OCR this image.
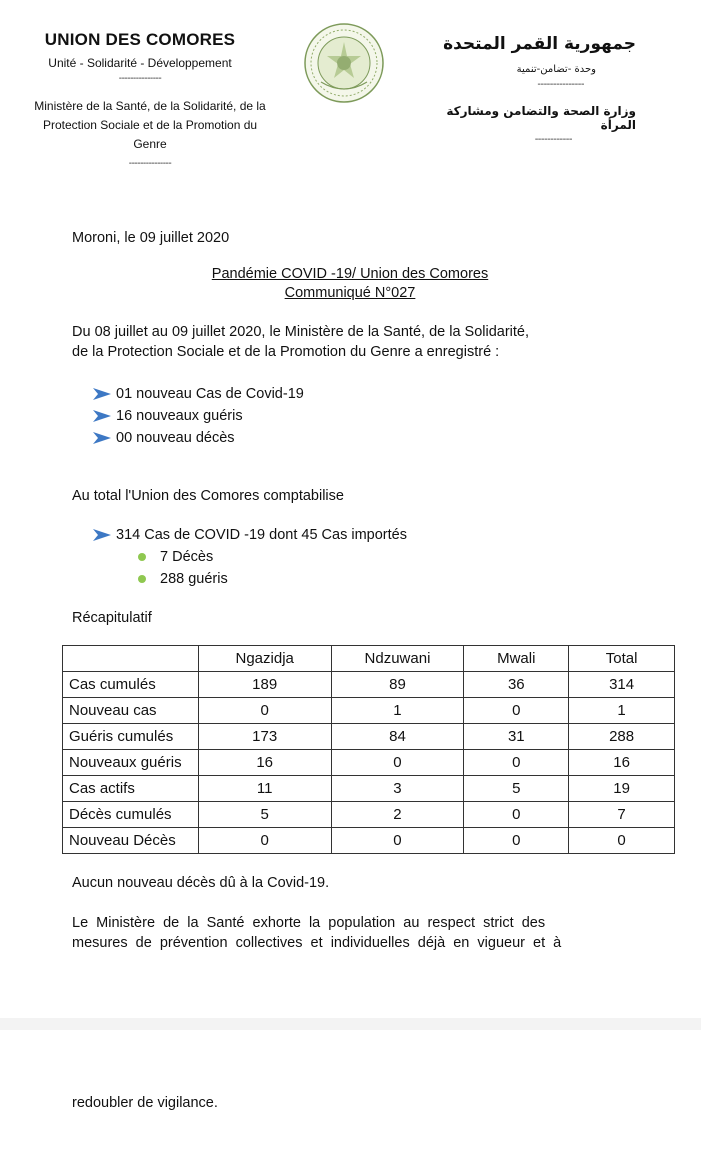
UNION DES COMORES
Unité - Solidarité - Développement
---------------
Ministère de la Santé, de la Solidarité, de la
Protection Sociale et de la Promotion du
Genre
---------------
جمهورية القمر المتحدة
وحدة -تضامن-تنمية
---------------
وزارة الصحة والتضامن ومشاركة المرأة
------------
Moroni, le 09 juillet 2020
Pandémie COVID -19/ Union des Comores
Communiqué N°027
Du 08 juillet au 09 juillet 2020, le Ministère de la Santé, de la Solidarité,
de la Protection Sociale et de la Promotion du Genre a enregistré :
01 nouveau Cas de Covid-19
16 nouveaux guéris
00 nouveau décès
Au total l'Union des Comores comptabilise
314 Cas de COVID -19 dont 45 Cas importés
7 Décès
288 guéris
Récapitulatif
	Ngazidja	Ndzuwani	Mwali	Total
Cas cumulés	189	89	36	314
Nouveau cas	0	1	0	1
Guéris cumulés	173	84	31	288
Nouveaux guéris	16	0	0	16
Cas actifs	11	3	5	19
Décès cumulés	5	2	0	7
Nouveau Décès	0	0	0	0
Aucun nouveau décès dû à la Covid-19.
Le  Ministère  de  la  Santé  exhorte  la  population  au  respect  strict  des
mesures  de  prévention  collectives  et  individuelles  déjà  en  vigueur  et  à
redoubler de vigilance.
